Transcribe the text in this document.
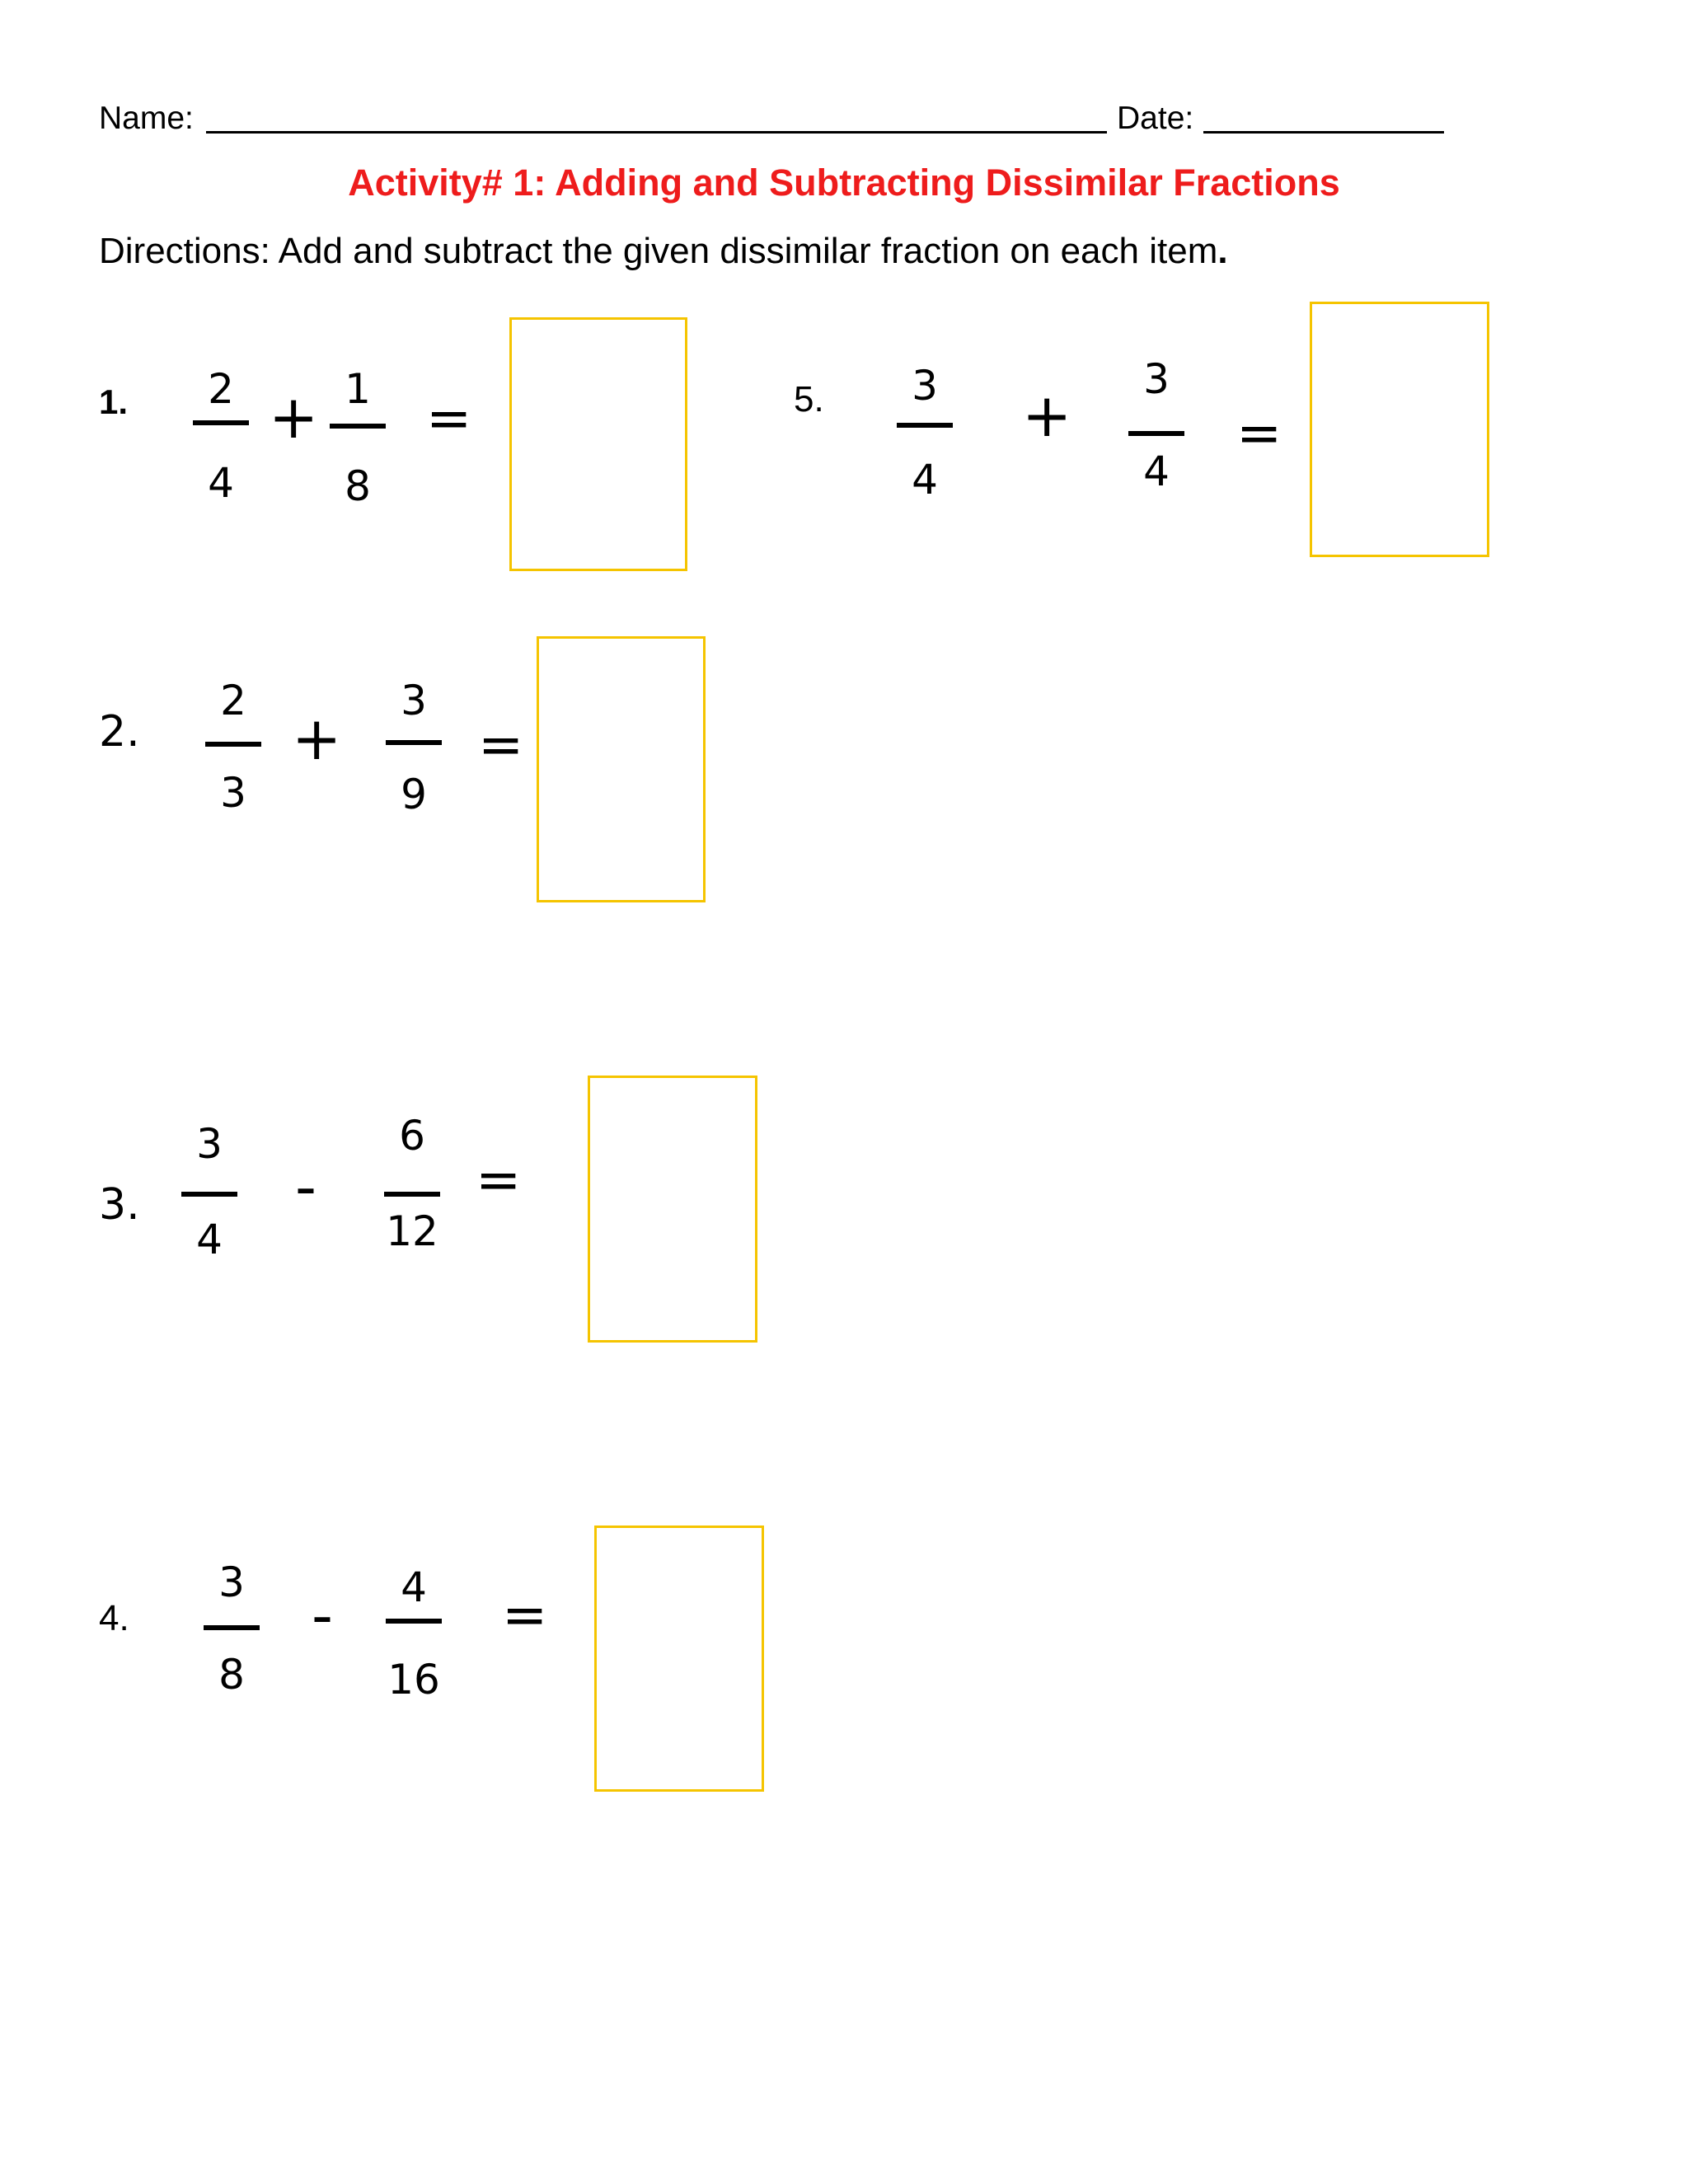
Name:	Date:
Activity# 1: Adding and Subtracting Dissimilar Fractions
Directions: Add and subtract the given dissimilar fraction on each item.
1.	2
4
+ 1
8
=	5.	3
4
+
3
4
=
2.
2
3
+
3
9
=
3.
3
4
-
6
12
=
4.
3
8
-	4
16
=
